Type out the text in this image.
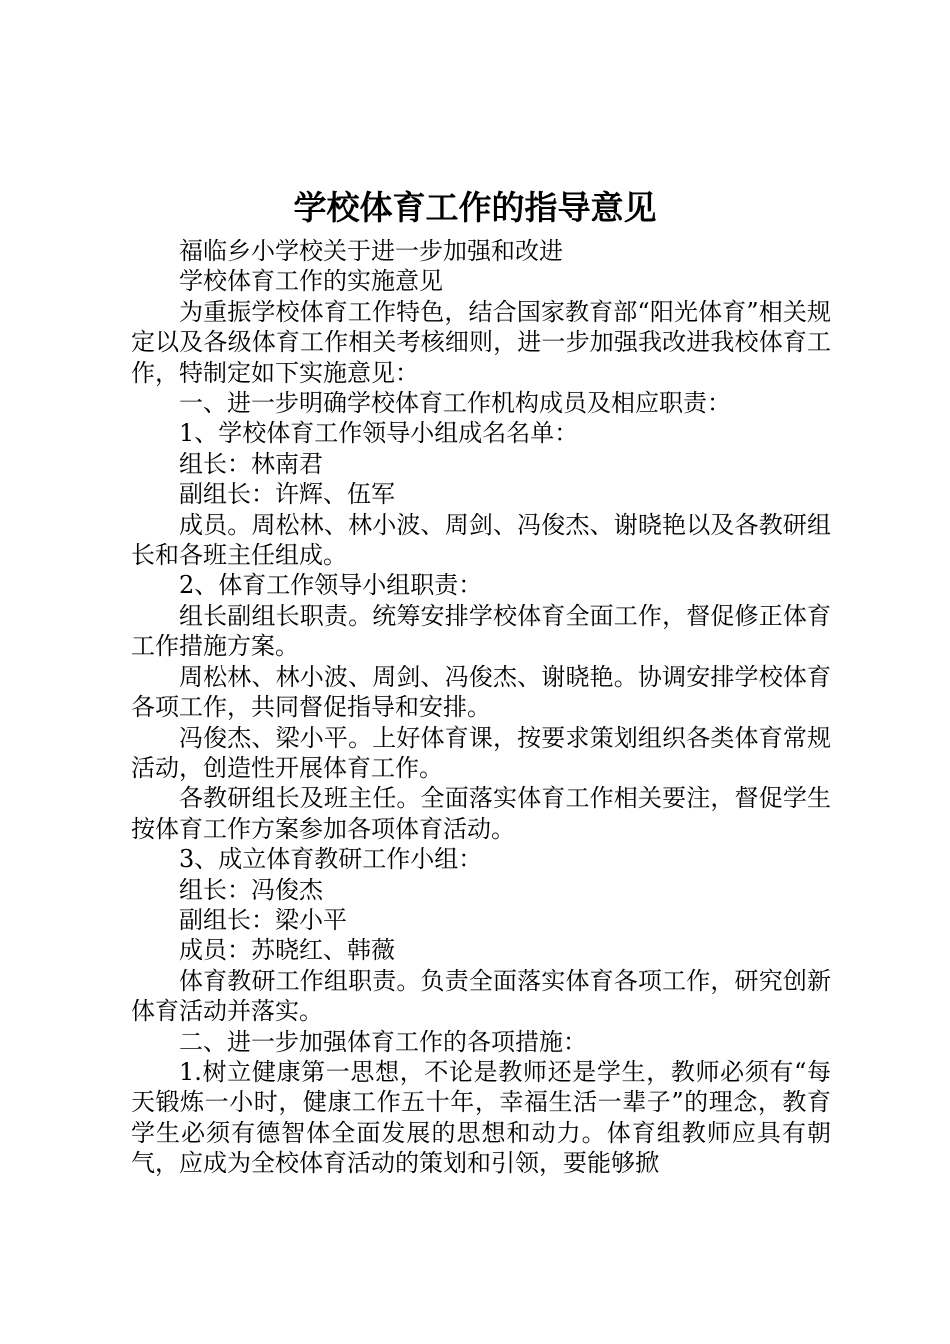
学校体育工作的指导意见

福临乡小学校关于进一步加强和改进

学校体育工作的实施意见

为重振学校体育工作特色，结合国家教育部“阳光体育”相关规定以及各级体育工作相关考核细则，进一步加强我改进我校体育工作，特制定如下实施意见：

一、进一步明确学校体育工作机构成员及相应职责：

1、学校体育工作领导小组成名名单：

组长：林南君

副组长：许辉、伍军

成员。周松林、林小波、周剑、冯俊杰、谢晓艳以及各教研组长和各班主任组成。

2、体育工作领导小组职责：

组长副组长职责。统筹安排学校体育全面工作，督促修正体育工作措施方案。

周松林、林小波、周剑、冯俊杰、谢晓艳。协调安排学校体育各项工作，共同督促指导和安排。

冯俊杰、梁小平。上好体育课，按要求策划组织各类体育常规活动，创造性开展体育工作。

各教研组长及班主任。全面落实体育工作相关要注，督促学生按体育工作方案参加各项体育活动。

3、成立体育教研工作小组：

组长：冯俊杰

副组长：梁小平

成员：苏晓红、韩薇

体育教研工作组职责。负责全面落实体育各项工作，研究创新体育活动并落实。

二、进一步加强体育工作的各项措施：

1.树立健康第一思想，不论是教师还是学生，教师必须有“每天锻炼一小时，健康工作五十年，幸福生活一辈子”的理念，教育学生必须有德智体全面发展的思想和动力。体育组教师应具有朝气，应成为全校体育活动的策划和引领，要能够掀
